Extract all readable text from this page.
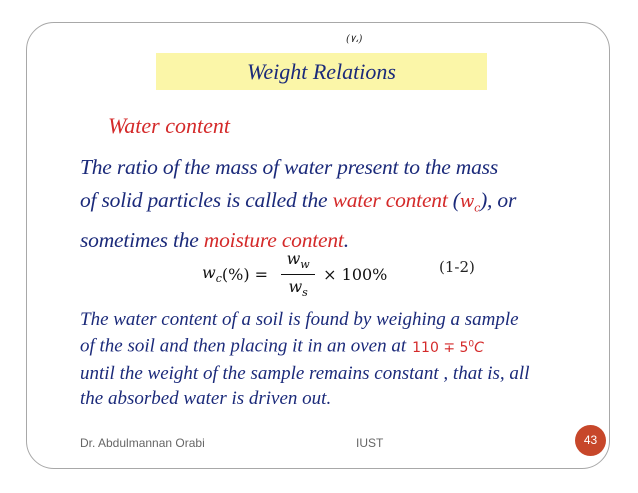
(٧،)
Weight Relations
Water content
The ratio of the mass of water present to the mass
of solid particles is called the water content $(w_c)$, or
sometimes the moisture content.
$w_c$ (%) = $\frac{w_w}{w_s} \times 100\%$	(1-2)
The water content of a soil is found by weighing a sample
of the soil and then placing it in an oven at $110 \mp 5^0C$
until the weight of the sample remains constant , that is, all
the absorbed water is driven out.
Dr. Abdulmannan Orabi	IUST	43
